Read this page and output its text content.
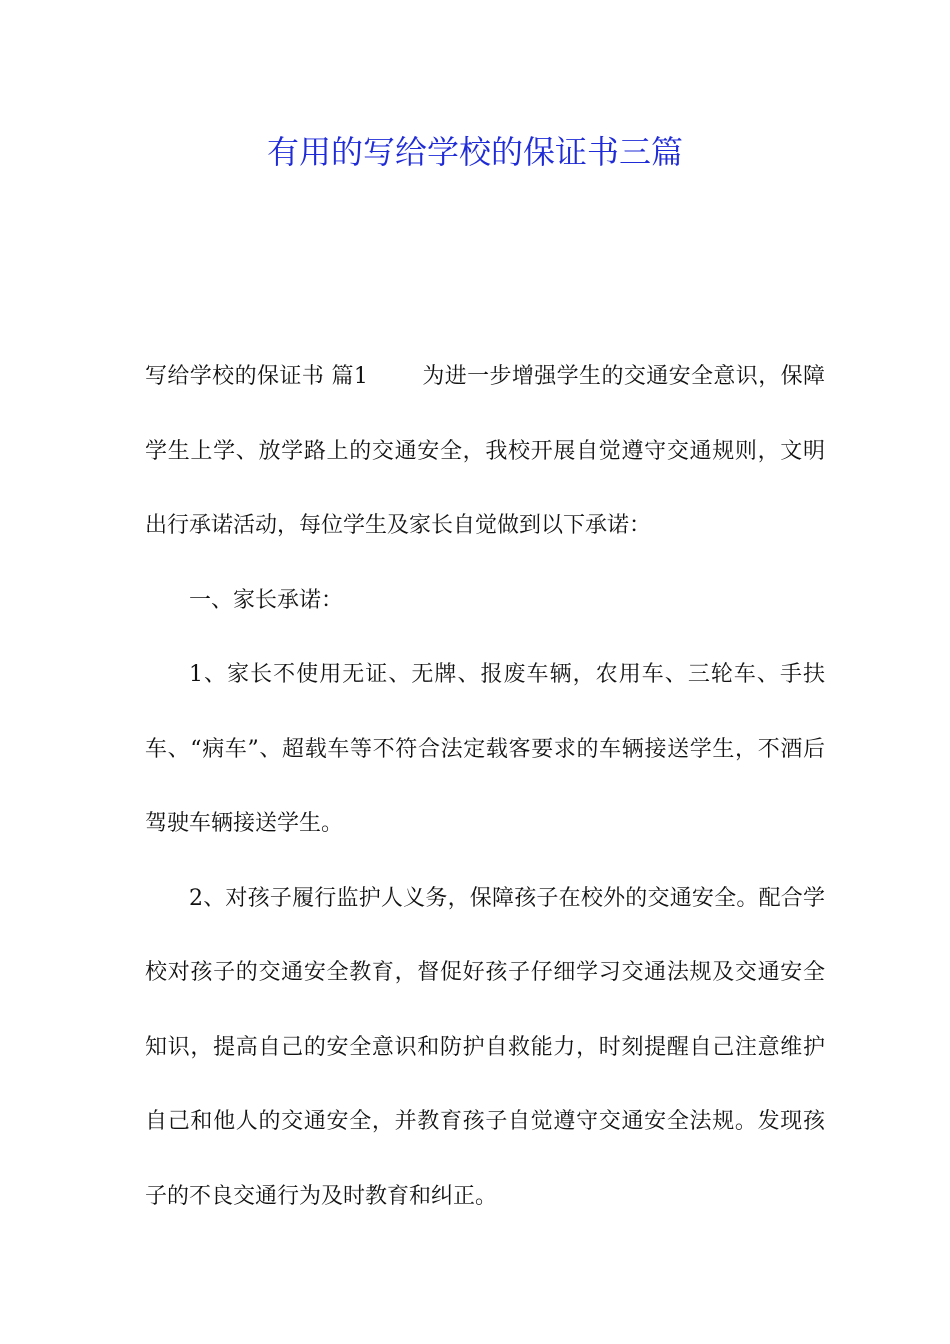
有用的写给学校的保证书三篇

写给学校的保证书 篇1 为进一步增强学生的交通安全意识，保障学生上学、放学路上的交通安全，我校开展自觉遵守交通规则，文明出行承诺活动，每位学生及家长自觉做到以下承诺：

一、家长承诺：

1、家长不使用无证、无牌、报废车辆，农用车、三轮车、手扶车、“病车”、超载车等不符合法定载客要求的车辆接送学生，不酒后驾驶车辆接送学生。

2、对孩子履行监护人义务，保障孩子在校外的交通安全。配合学校对孩子的交通安全教育，督促好孩子仔细学习交通法规及交通安全知识，提高自己的安全意识和防护自救能力，时刻提醒自己注意维护自己和他人的交通安全，并教育孩子自觉遵守交通安全法规。发现孩子的不良交通行为及时教育和纠正。
